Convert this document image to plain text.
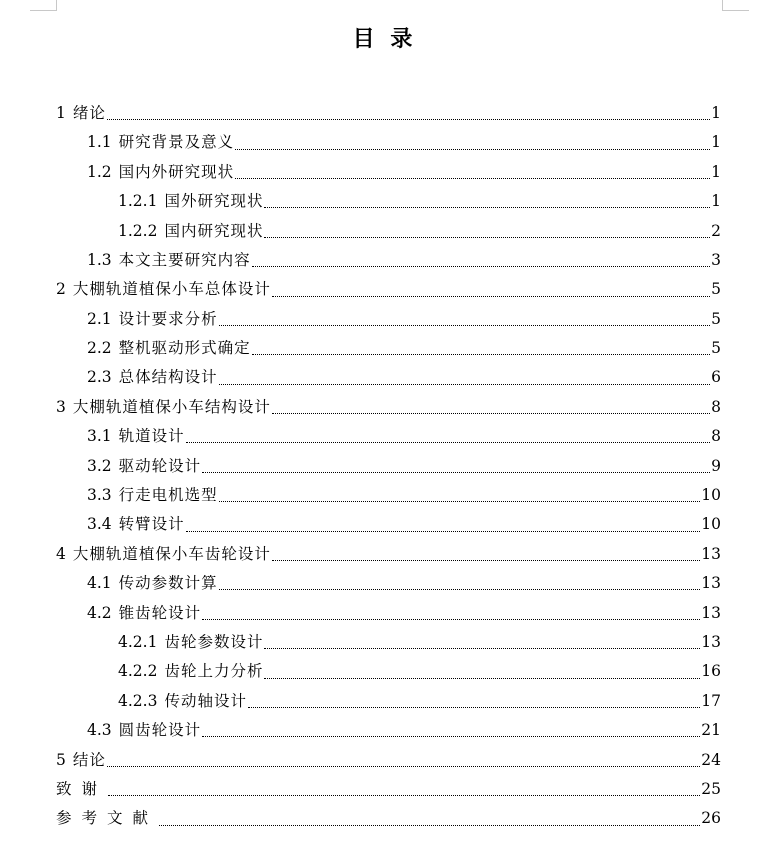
目 录
1 绪论	1
1.1 研究背景及意义	1
1.2 国内外研究现状	1
1.2.1 国外研究现状	1
1.2.2 国内研究现状	2
1.3 本文主要研究内容	3
2 大棚轨道植保小车总体设计	5
2.1 设计要求分析	5
2.2 整机驱动形式确定	5
2.3 总体结构设计	6
3 大棚轨道植保小车结构设计	8
3.1 轨道设计	8
3.2 驱动轮设计	9
3.3 行走电机选型	10
3.4 转臂设计	10
4 大棚轨道植保小车齿轮设计	13
4.1 传动参数计算	13
4.2 锥齿轮设计	13
4.2.1 齿轮参数设计	13
4.2.2 齿轮上力分析	16
4.2.3 传动轴设计	17
4.3 圆齿轮设计	21
5 结论	24
致谢	25
参考文献	26
